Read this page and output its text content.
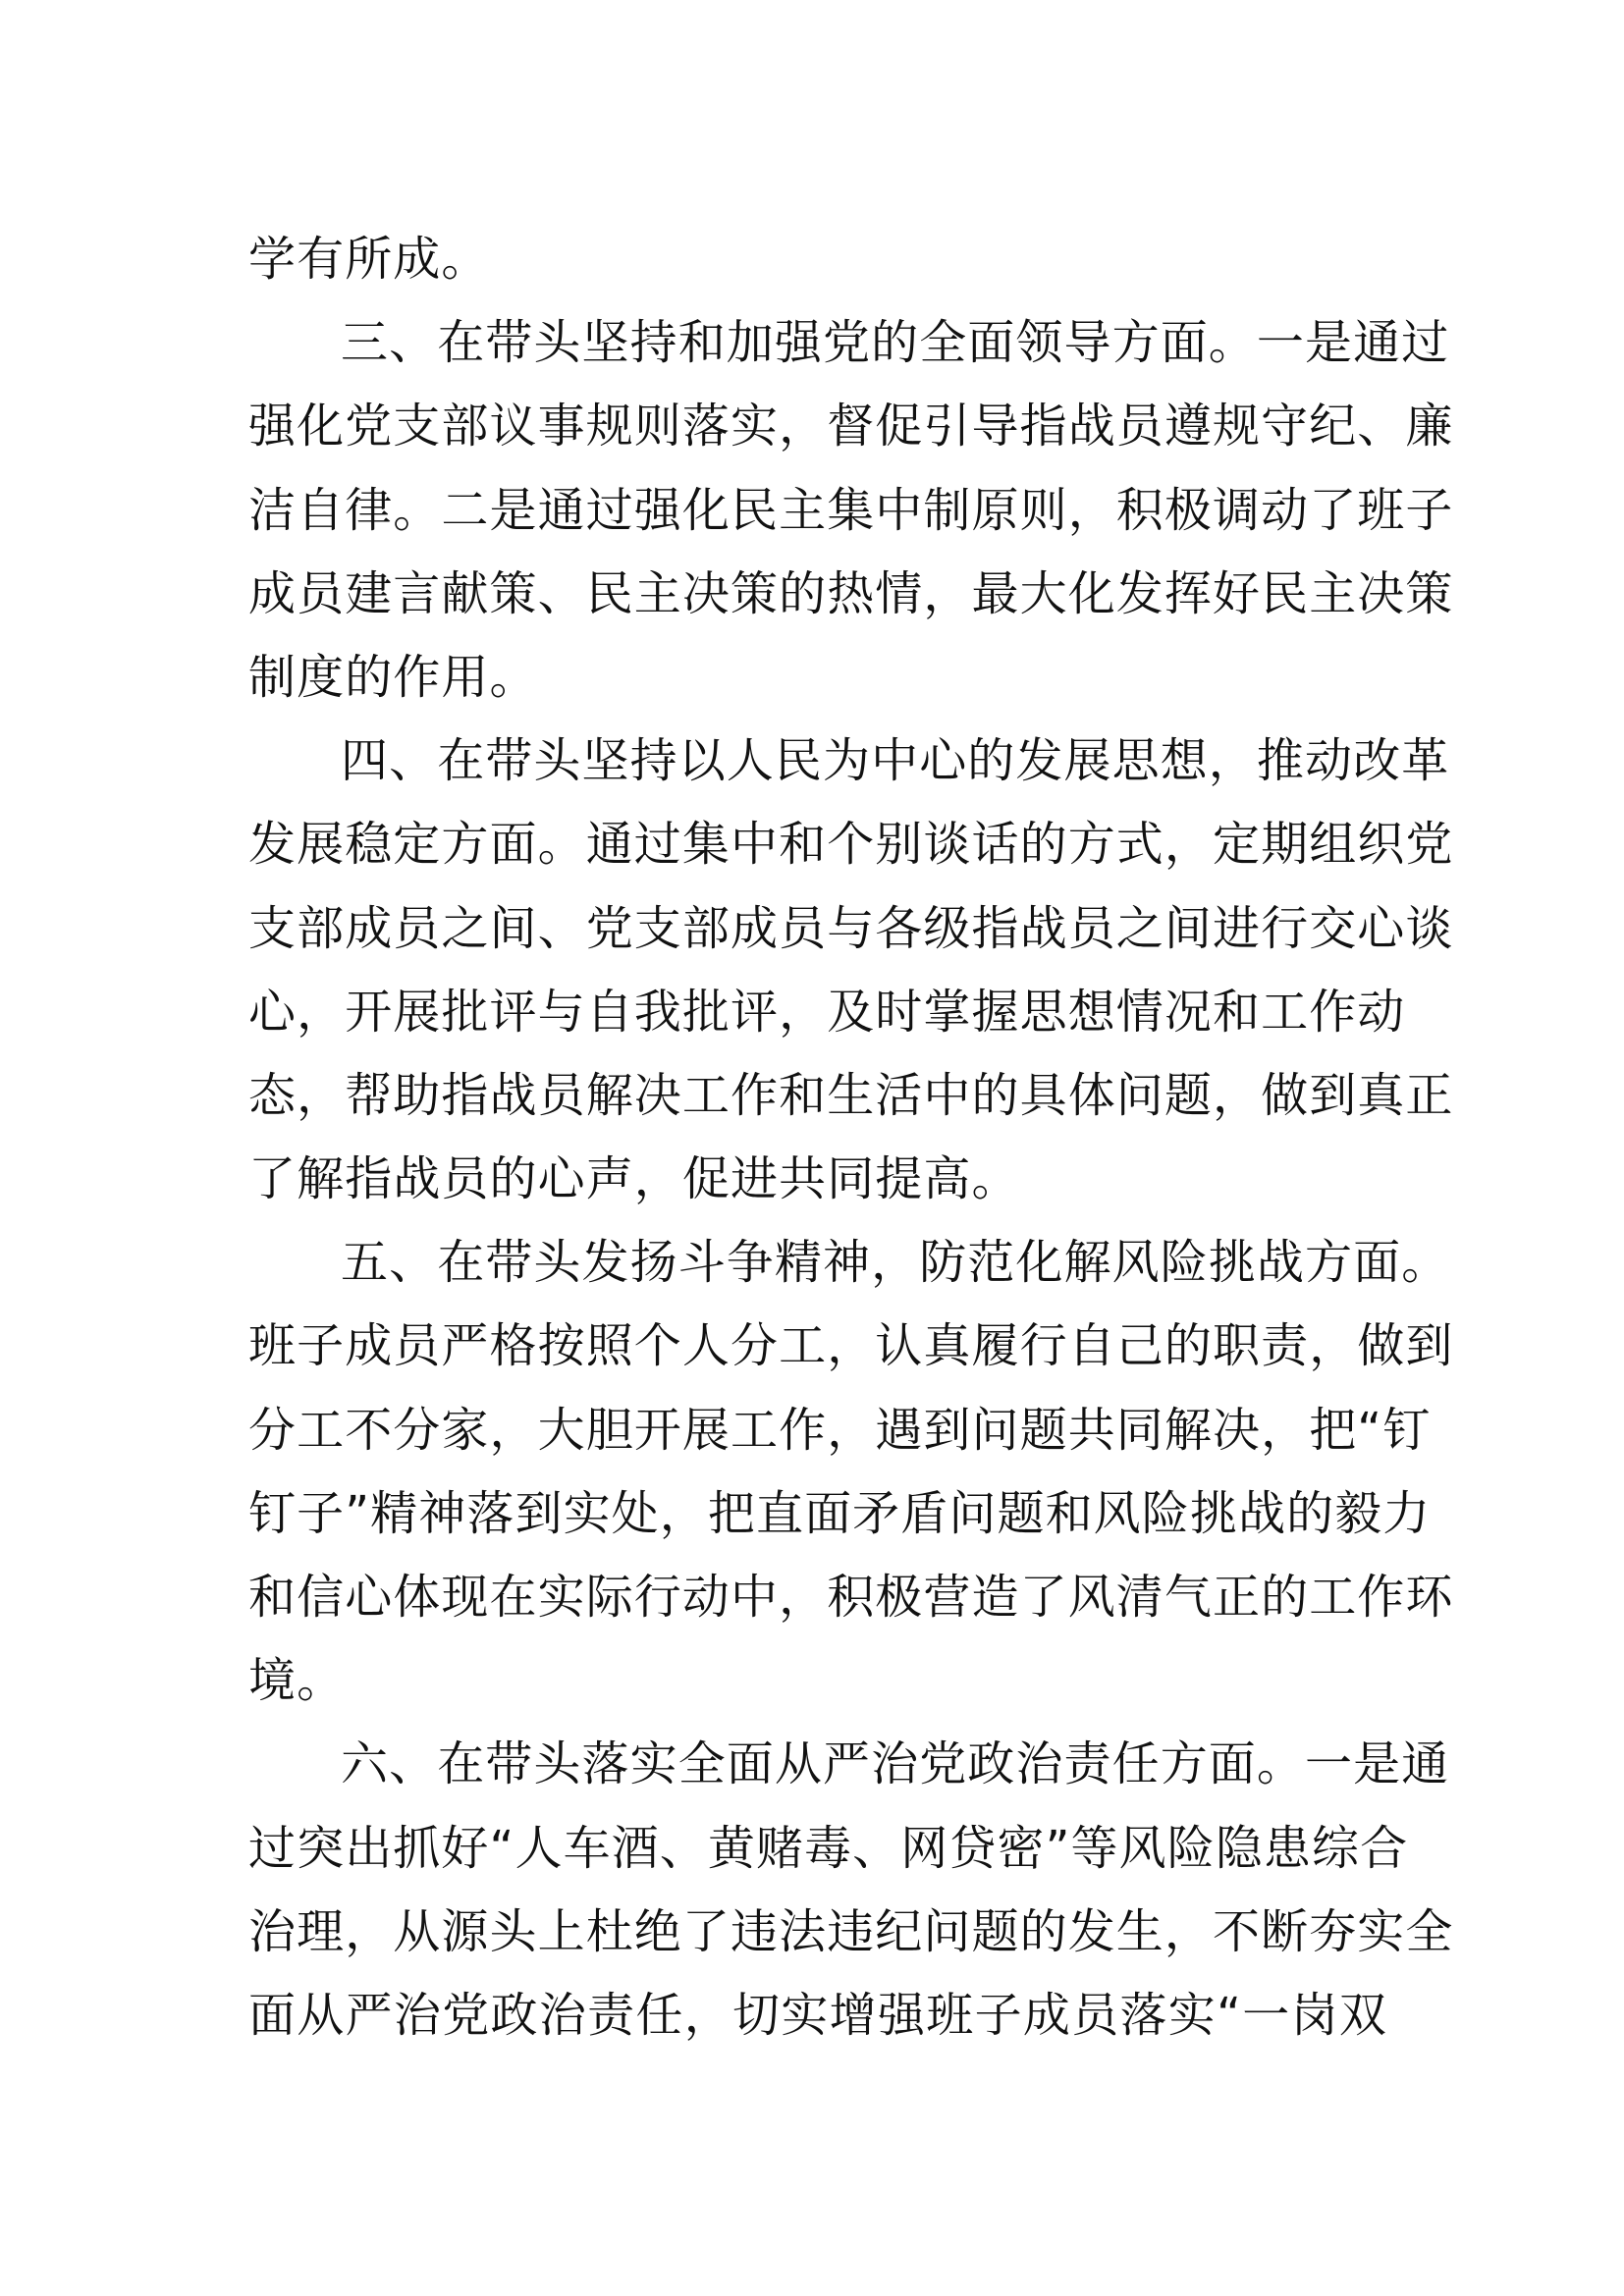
学有所成。
三、在带头坚持和加强党的全面领导方面。一是通过
强化党支部议事规则落实，督促引导指战员遵规守纪、廉
洁自律。二是通过强化民主集中制原则，积极调动了班子
成员建言献策、民主决策的热情，最大化发挥好民主决策
制度的作用。
四、在带头坚持以人民为中心的发展思想，推动改革
发展稳定方面。通过集中和个别谈话的方式，定期组织党
支部成员之间、党支部成员与各级指战员之间进行交心谈
心，开展批评与自我批评，及时掌握思想情况和工作动
态，帮助指战员解决工作和生活中的具体问题，做到真正
了解指战员的心声，促进共同提高。
五、在带头发扬斗争精神，防范化解风险挑战方面。
班子成员严格按照个人分工，认真履行自己的职责，做到
分工不分家，大胆开展工作，遇到问题共同解决，把“钉
钉子”精神落到实处，把直面矛盾问题和风险挑战的毅力
和信心体现在实际行动中，积极营造了风清气正的工作环
境。
六、在带头落实全面从严治党政治责任方面。一是通
过突出抓好“人车酒、黄赌毒、网贷密”等风险隐患综合
治理，从源头上杜绝了违法违纪问题的发生，不断夯实全
面从严治党政治责任，切实增强班子成员落实“一岗双
